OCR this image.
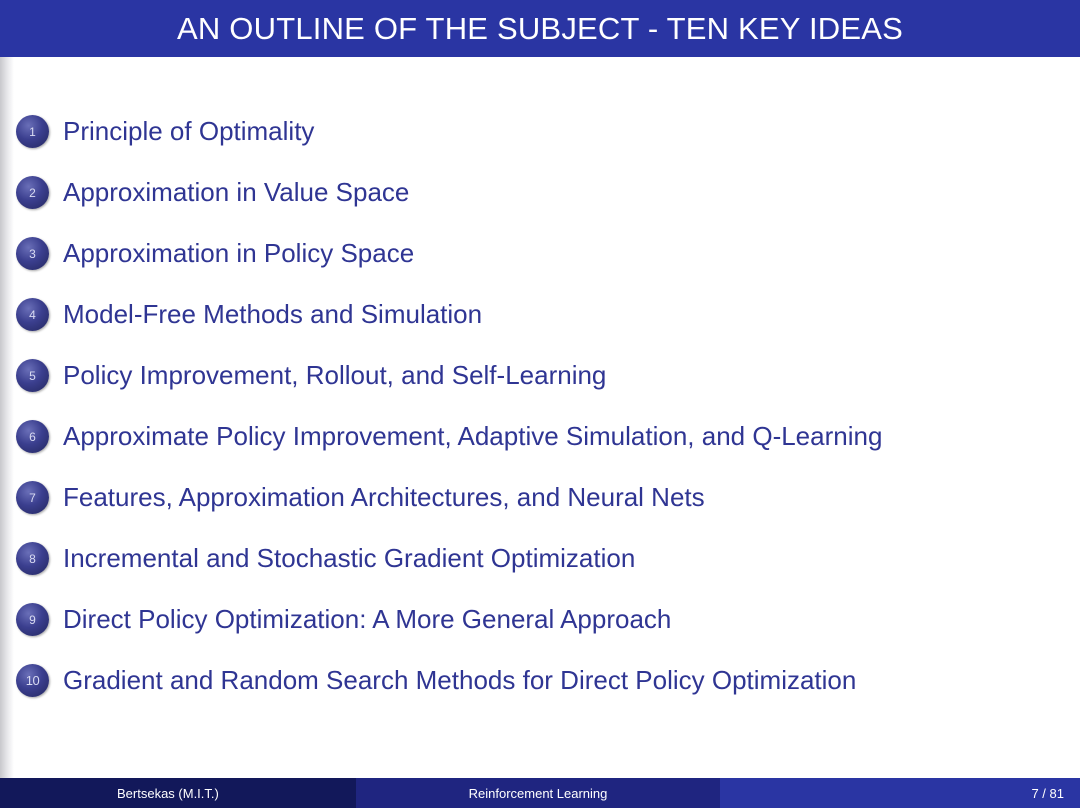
AN OUTLINE OF THE SUBJECT - TEN KEY IDEAS
1	Principle of Optimality
2	Approximation in Value Space
3	Approximation in Policy Space
4	Model-Free Methods and Simulation
5	Policy Improvement, Rollout, and Self-Learning
6	Approximate Policy Improvement, Adaptive Simulation, and Q-Learning
7	Features, Approximation Architectures, and Neural Nets
8	Incremental and Stochastic Gradient Optimization
9	Direct Policy Optimization: A More General Approach
10 Gradient and Random Search Methods for Direct Policy Optimization
Bertsekas (M.I.T.)	Reinforcement Learning	7 / 81
